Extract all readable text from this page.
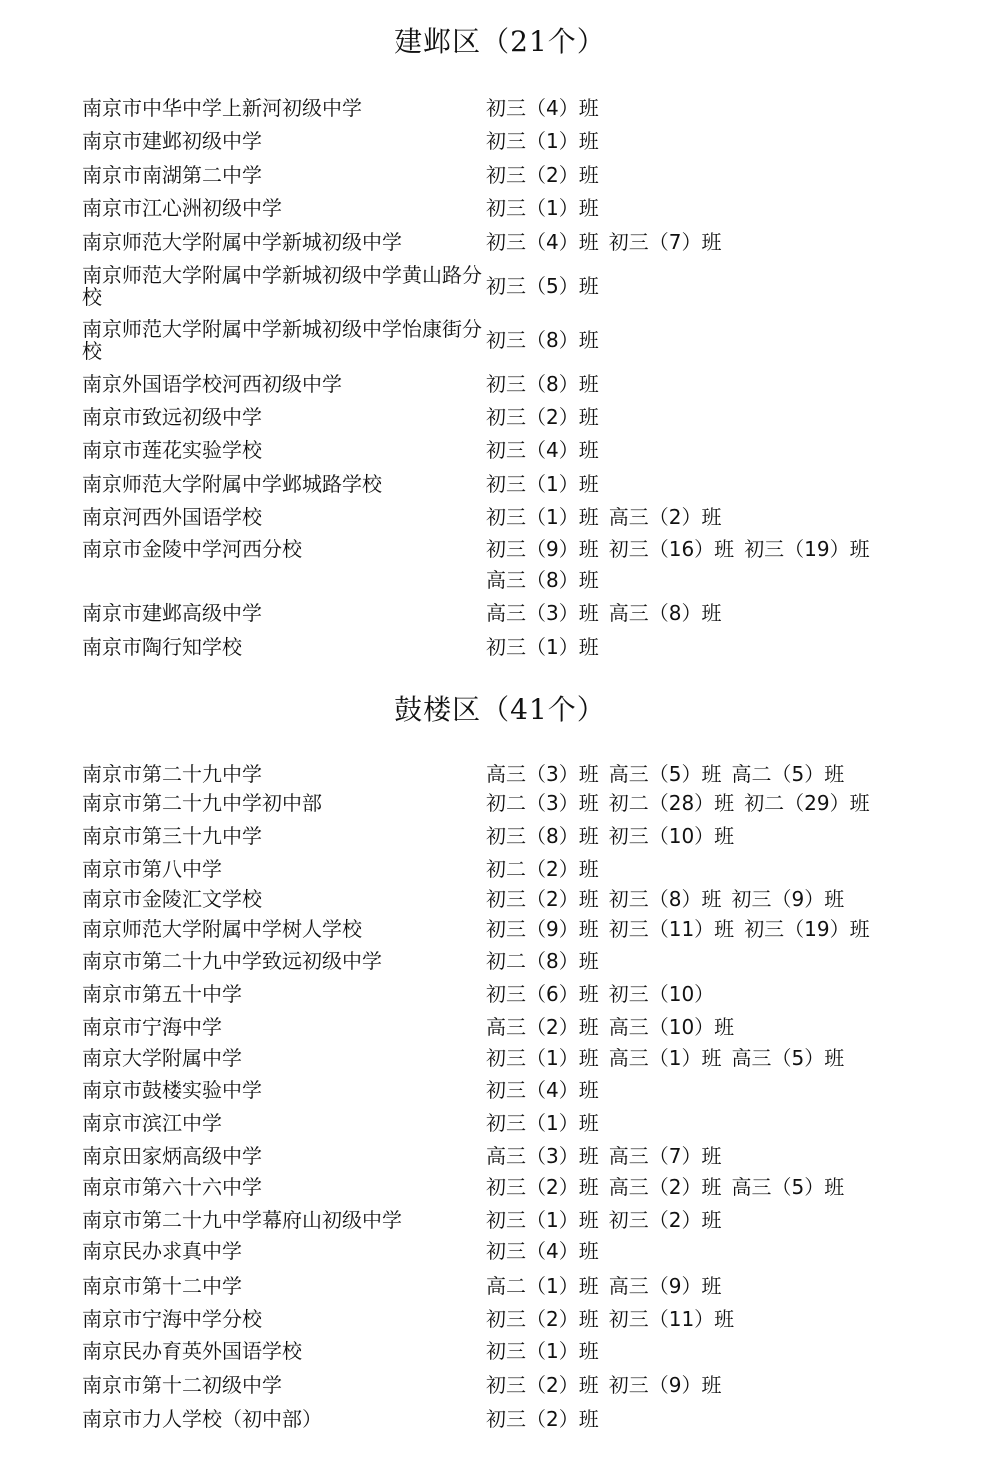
建邺区（21个）
鼓楼区（41个）
南京市中华中学上新河初级中学	初三（4）班
南京市建邺初级中学	初三（1）班
南京市南湖第二中学	初三（2）班
南京市江心洲初级中学	初三（1）班
南京师范大学附属中学新城初级中学	初三（4）班 初三（7）班
南京师范大学附属中学新城初级中学黄山路分校	初三（5）班
南京师范大学附属中学新城初级中学怡康街分校	初三（8）班
南京外国语学校河西初级中学	初三（8）班
南京市致远初级中学	初三（2）班
南京市莲花实验学校	初三（4）班
南京师范大学附属中学邺城路学校	初三（1）班
南京河西外国语学校	初三（1）班 高三（2）班
南京市金陵中学河西分校	初三（9）班 初三（16）班 初三（19）班
高三（8）班
南京市建邺高级中学	高三（3）班 高三（8）班
南京市陶行知学校	初三（1）班
南京市第二十九中学	高三（3）班 高三（5）班 高二（5）班
南京市第二十九中学初中部	初二（3）班 初二（28）班 初二（29）班
南京市第三十九中学	初三（8）班 初三（10）班
南京市第八中学	初二（2）班
南京市金陵汇文学校	初三（2）班 初三（8）班 初三（9）班
南京师范大学附属中学树人学校	初三（9）班 初三（11）班 初三（19）班
南京市第二十九中学致远初级中学	初二（8）班
南京市第五十中学	初三（6）班 初三（10）
南京市宁海中学	高三（2）班 高三（10）班
南京大学附属中学	初三（1）班 高三（1）班 高三（5）班
南京市鼓楼实验中学	初三（4）班
南京市滨江中学	初三（1）班
南京田家炳高级中学	高三（3）班 高三（7）班
南京市第六十六中学	初三（2）班 高三（2）班 高三（5）班
南京市第二十九中学幕府山初级中学	初三（1）班 初三（2）班
南京民办求真中学	初三（4）班
南京市第十二中学	高二（1）班 高三（9）班
南京市宁海中学分校	初三（2）班 初三（11）班
南京民办育英外国语学校	初三（1）班
南京市第十二初级中学	初三（2）班 初三（9）班
南京市力人学校（初中部）	初三（2）班
